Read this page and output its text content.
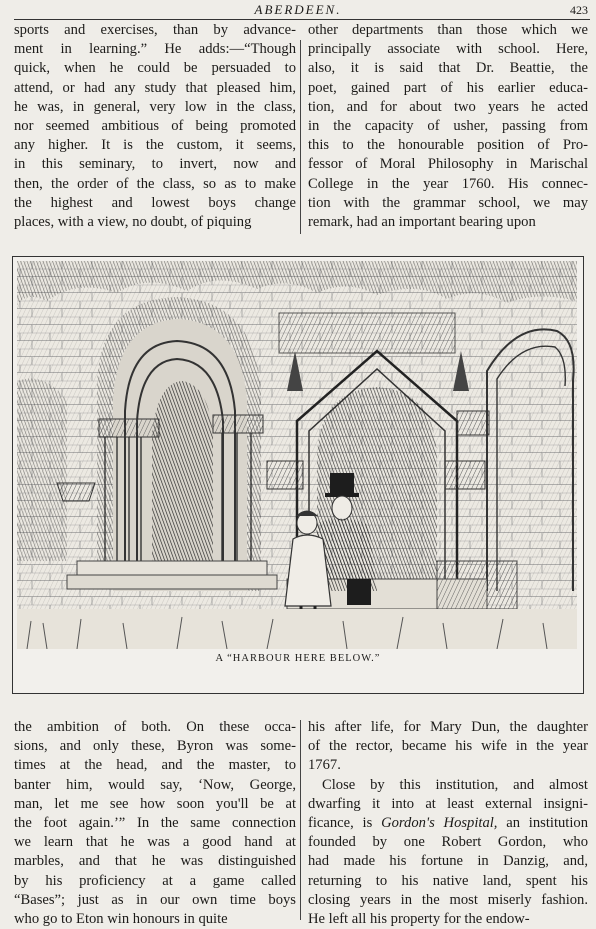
ABERDEEN.	423
sports and exercises, than by advance-
ment in learning.” He adds:—“Though
quick, when he could be persuaded to
attend, or had any study that pleased him,
he was, in general, very low in the class,
nor seemed ambitious of being promoted
any higher. It is the custom, it seems,
in this seminary, to invert, now and
then, the order of the class, so as to make
the highest and lowest boys change
places, with a view, no doubt, of piquing
other departments than those which we
principally associate with school. Here,
also, it is said that Dr. Beattie, the
poet, gained part of his earlier educa-
tion, and for about two years he acted
in the capacity of usher, passing from
this to the honourable position of Pro-
fessor of Moral Philosophy in Marischal
College in the year 1760. His connec-
tion with the grammar school, we may
remark, had an important bearing upon
A “HARBOUR HERE BELOW.”
the ambition of both. On these occa-
sions, and only these, Byron was some-
times at the head, and the master, to
banter him, would say, ‘Now, George,
man, let me see how soon you'll be at
the foot again.’” In the same connection
we learn that he was a good hand at
marbles, and that he was distinguished
by his proficiency at a game called
“Bases”; just as in our own time boys
who go to Eton win honours in quite
his after life, for Mary Dun, the daughter
of the rector, became his wife in the year
1767.
Close by this institution, and almost
dwarfing it into at least external insigni-
ficance, is Gordon's Hospital, an institution
founded by one Robert Gordon, who
had made his fortune in Danzig, and,
returning to his native land, spent his
closing years in the most miserly fashion.
He left all his property for the endow-
